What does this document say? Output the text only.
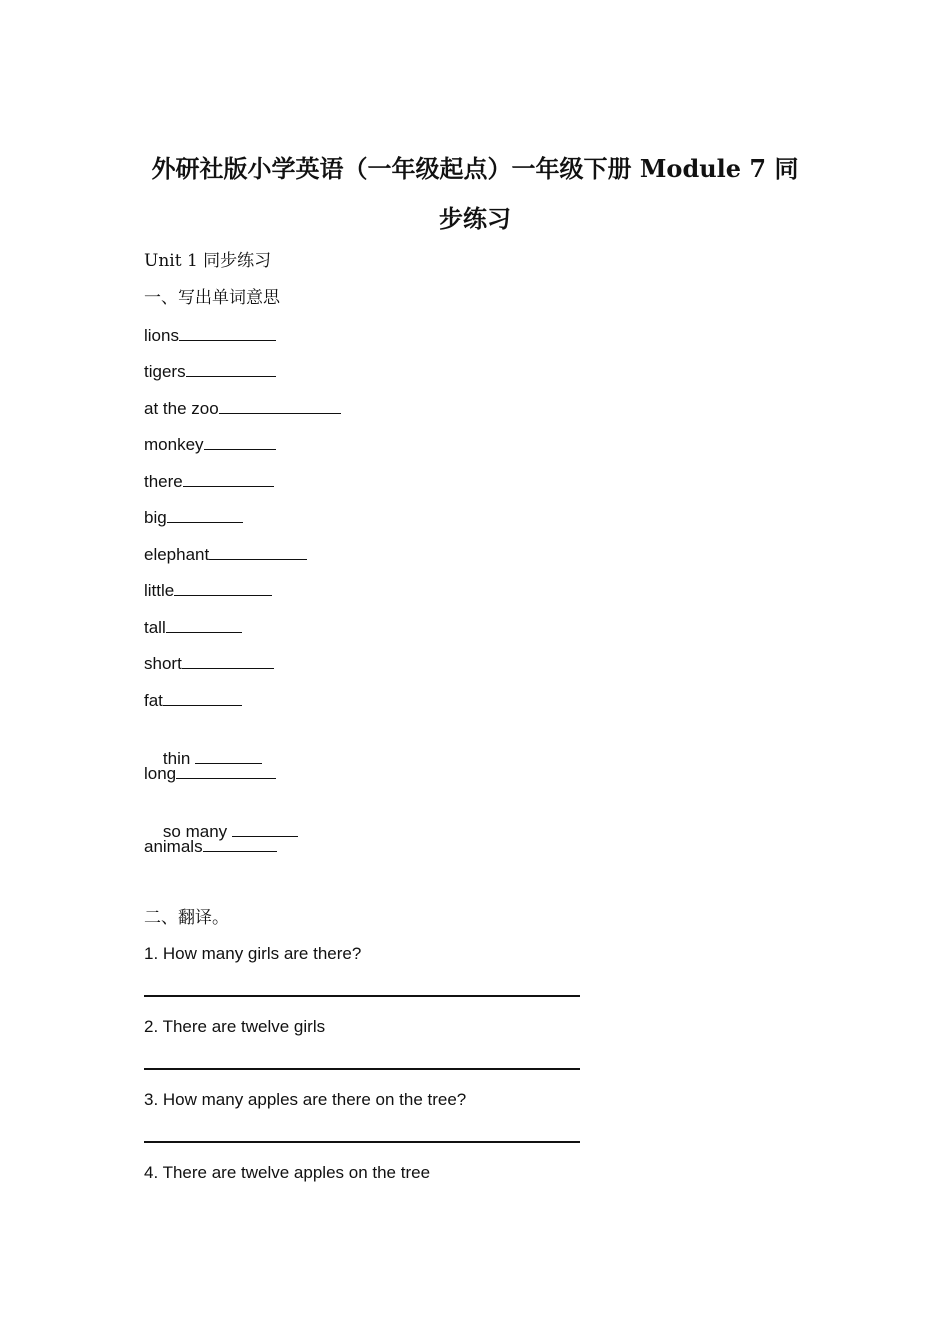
外研社版小学英语（一年级起点）一年级下册 Module 7 同
步练习
Unit 1 同步练习
一、写出单词意思
lions
tigers
at the zoo
monkey
there
big
elephant
little
tall
short
fat

thin

long

so many

animals
二、翻译。
1. How many girls are there?
2. There are twelve girls
3. How many apples are there on the tree?
4. There are twelve apples on the tree
